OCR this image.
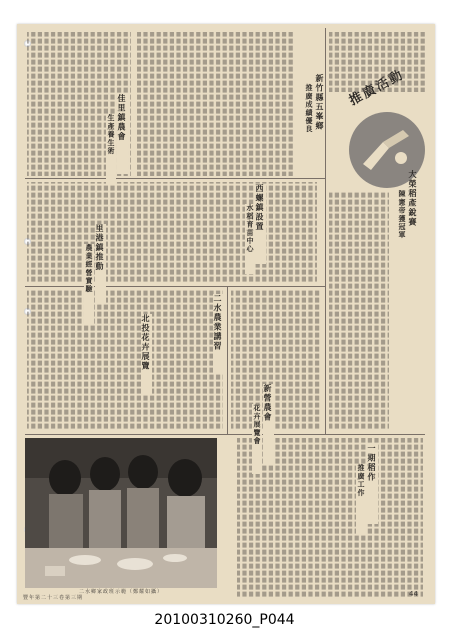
大榮稻產銳賽
陳憲帝獲冠軍
新竹縣五峯鄉
推廣成績優良
西螺鎮設置
水稻育苗中心
二水農業講習
佳里鎮農會
生產養生術
里港鎮推動
農業經營實驗
北投花卉展覽
新營農會
花卉展覽會
一期稻作
推廣工作
二水鄉家政班示範（鄭耀如攝）
豐年第二十三卷第三期	44
20100310260_P044
